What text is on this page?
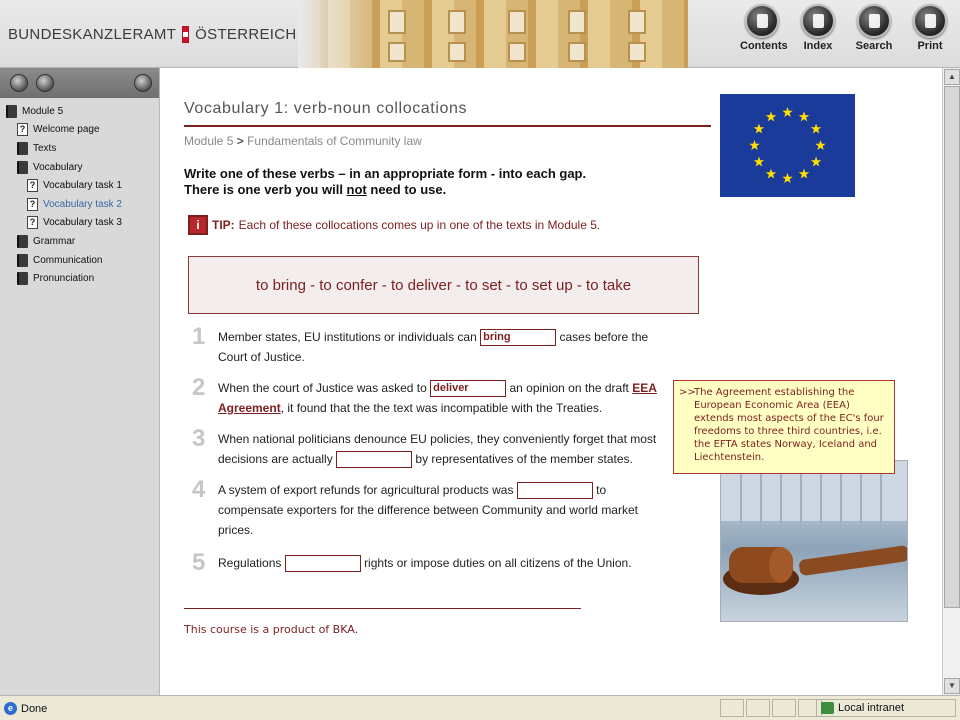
BUNDESKANZLERAMT ÖSTERREICH
Contents	Index	Search	Print
Module 5
? Welcome page
Texts
Vocabulary
? Vocabulary task 1
? Vocabulary task 2
? Vocabulary task 3
Grammar
Communication
Pronunciation
Vocabulary 1: verb-noun collocations
Module 5 > Fundamentals of Community law
Write one of these verbs – in an appropriate form - into each gap.
There is one verb you will not need to use.
i	TIP: Each of these collocations comes up in one of the texts in Module 5.
to bring - to confer - to deliver - to set - to set up - to take
1 Member states, EU institutions or individuals can bring	cases before the Court of Justice.
2 When the court of Justice was asked to deliver	an opinion on the draft EEA Agreement, it found that the the text was incompatible with the Treaties.
3 When national politicians denounce EU policies, they conveniently forget that most decisions are actually	by representatives of the member states.
4 A system of export refunds for agricultural products was	to compensate exporters for the difference between Community and world market prices.
5 Regulations	rights or impose duties on all citizens of the Union.
>>
The Agreement establishing the European Economic Area (EEA) extends most aspects of the EC's four freedoms to three third countries, i.e. the EFTA states Norway, Iceland and Liechtenstein.
This course is a product of BKA.
▲
▼
e Done	Local intranet
